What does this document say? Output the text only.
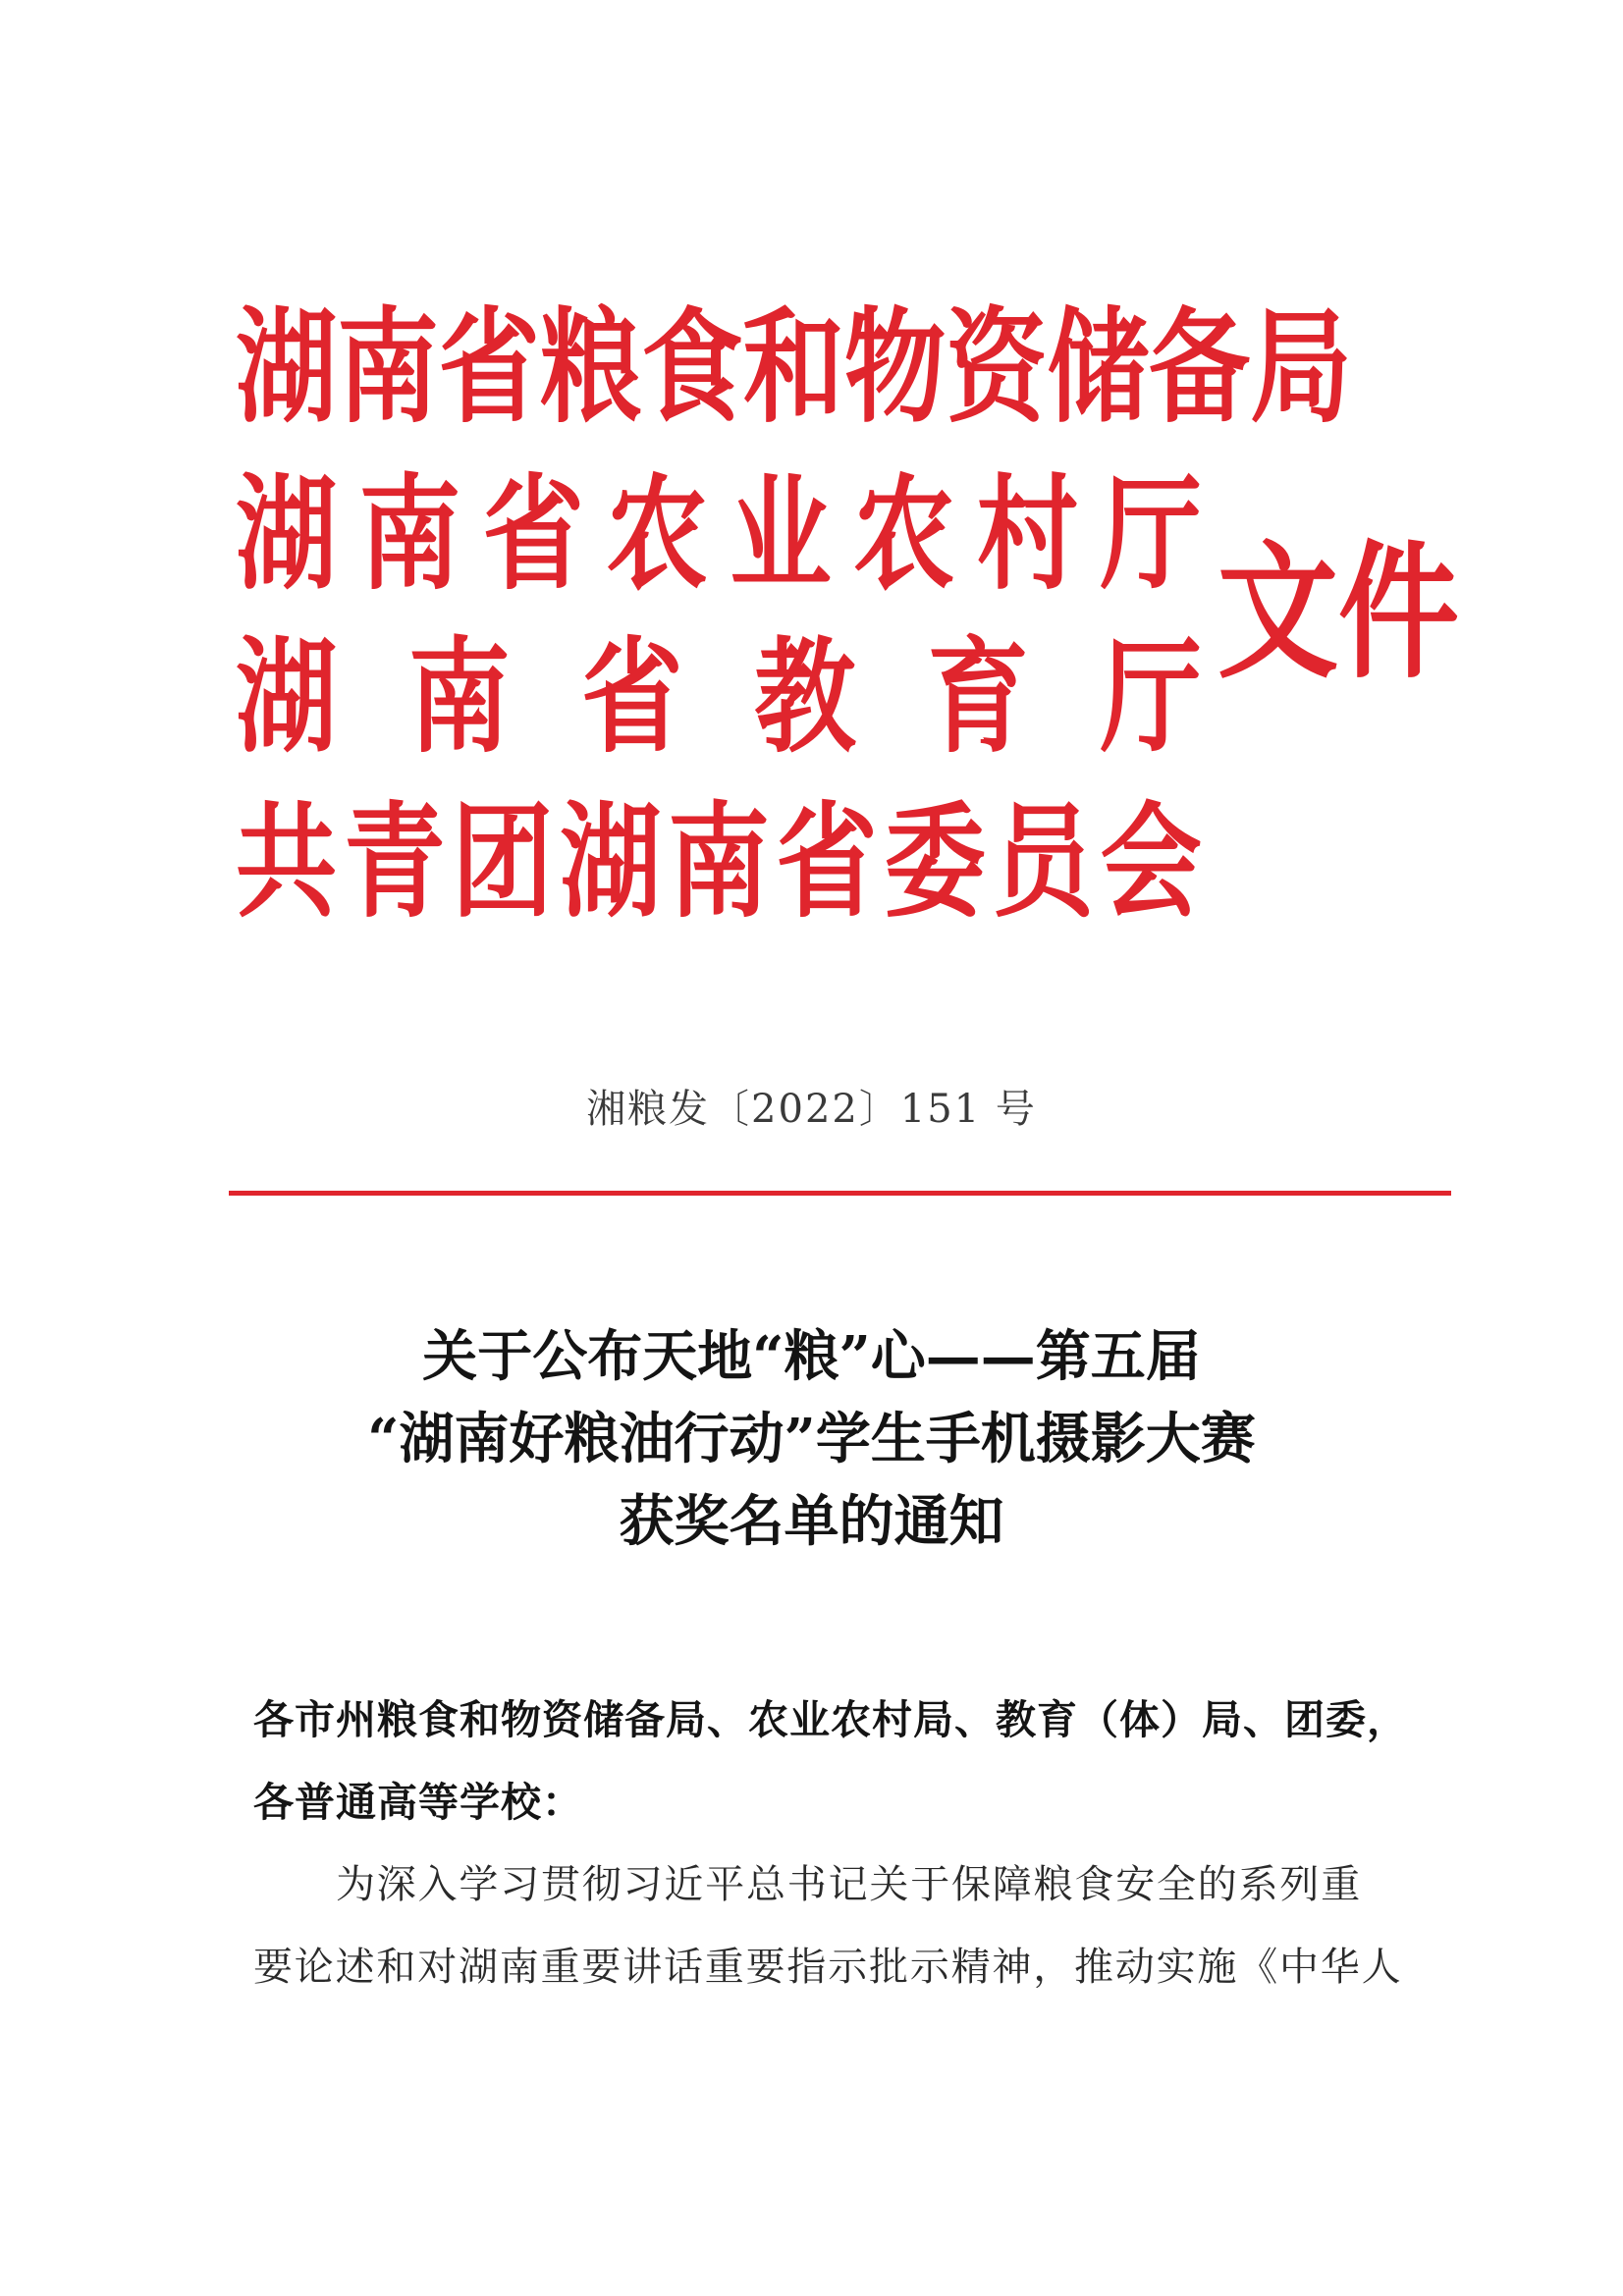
湖 南 省 粮 食 和 物 资 储 备 局
湖 南 省 农 业 农 村 厅
湖 南 省 教 育 厅
共 青 团 湖 南 省 委 员 会
文件
湘粮发〔2022〕151 号
关于公布天地“粮”心——第五届
“湖南好粮油行动”学生手机摄影大赛
获奖名单的通知
各市州粮食和物资储备局、农业农村局、教育（体）局、团委，
各普通高等学校：
为深入学习贯彻习近平总书记关于保障粮食安全的系列重
要论述和对湖南重要讲话重要指示批示精神，推动实施《中华人
